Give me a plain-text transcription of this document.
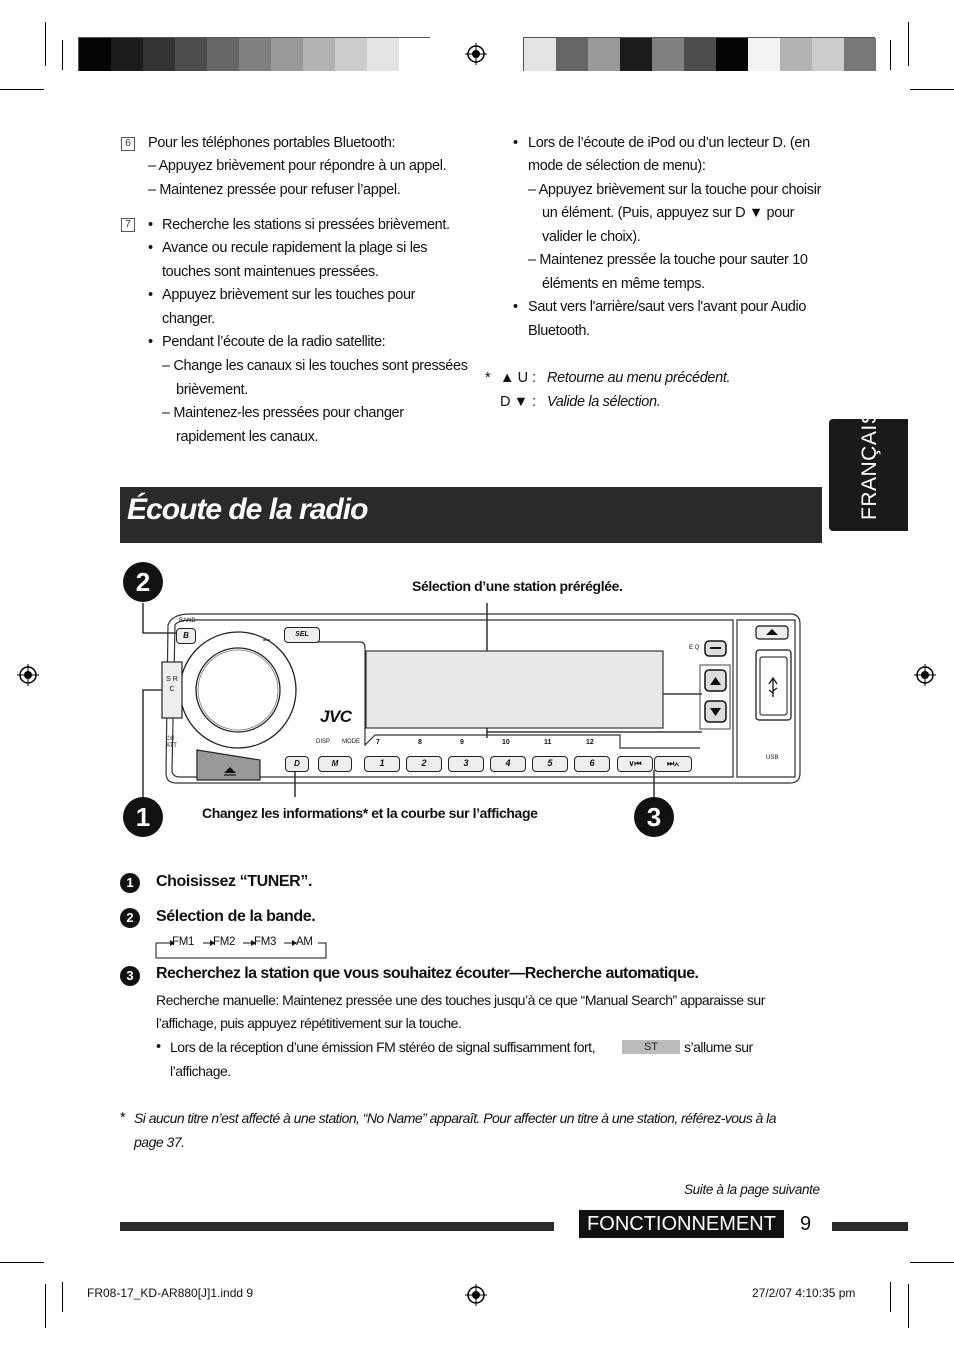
6 Pour les téléphones portables Bluetooth:
– Appuyez brièvement pour répondre à un appel.
– Maintenez pressée pour refuser l’appel.
7 • Recherche les stations si pressées brièvement.
• Avance ou recule rapidement la plage si les
touches sont maintenues pressées.
• Appuyez brièvement sur les touches pour
changer.
• Pendant l’écoute de la radio satellite:
– Change les canaux si les touches sont pressées
brièvement.
– Maintenez-les pressées pour changer
rapidement les canaux.
• Lors de l’écoute de iPod ou d’un lecteur D. (en
mode de sélection de menu):
– Appuyez brièvement sur la touche pour choisir
un élément. (Puis, appuyez sur D ▼ pour
valider le choix).
– Maintenez pressée la touche pour sauter 10
éléments en même temps.
• Saut vers l'arrière/saut vers l'avant pour Audio
Bluetooth.
* ▲ U : Retourne au menu précédent.
D ▼ : Valide la sélection.
FRANÇAIS
Écoute de la radio
2
1	3
Sélection d’une station préréglée.
Changez les informations* et la courbe sur l’affichage
B
BAND
SEL
S R C
⏻/I ATT
JVC
DISP MODE
E Q
USB
D	M
7	8	9	10	11	12
1	2	3	4	5	6	∨⏮	⏭∧
1	Choisissez “TUNER”.
2	Sélection de la bande.
FM1 FM2 FM3 AM
3	Recherchez la station que vous souhaitez écouter—Recherche automatique.
Recherche manuelle: Maintenez pressée une des touches jusqu’à ce que “Manual Search” apparaisse sur
l’affichage, puis appuyez répétitivement sur la touche.
• Lors de la réception d’une émission FM stéréo de signal suffisamment fort,	ST	s’allume sur
l’affichage.
* Si aucun titre n’est affecté à une station, “No Name” apparaît. Pour affecter un titre à une station, référez-vous à la
page 37.
Suite à la page suivante
FONCTIONNEMENT	9
FR08-17_KD-AR880[J]1.indd 9	27/2/07 4:10:35 pm
